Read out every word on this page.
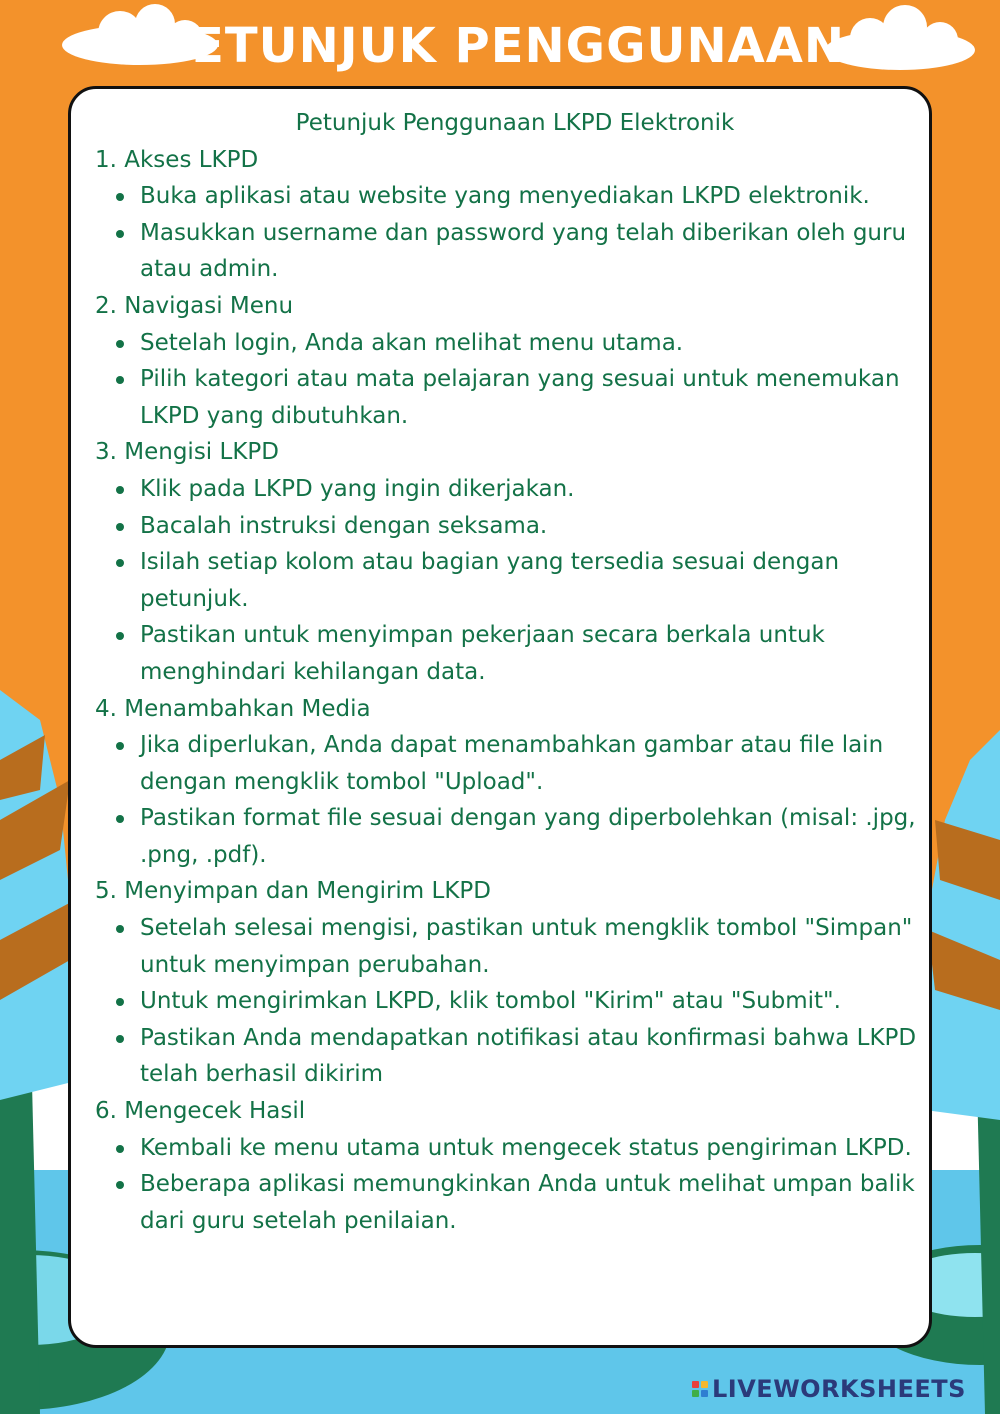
PETUNJUK PENGGUNAAN
Petunjuk Penggunaan LKPD Elektronik
1. Akses LKPD
Buka aplikasi atau website yang menyediakan LKPD elektronik.
Masukkan username dan password yang telah diberikan oleh guru atau admin.
2. Navigasi Menu
Setelah login, Anda akan melihat menu utama.
Pilih kategori atau mata pelajaran yang sesuai untuk menemukan LKPD yang dibutuhkan.
3. Mengisi LKPD
Klik pada LKPD yang ingin dikerjakan.
Bacalah instruksi dengan seksama.
Isilah setiap kolom atau bagian yang tersedia sesuai dengan petunjuk.
Pastikan untuk menyimpan pekerjaan secara berkala untuk menghindari kehilangan data.
4. Menambahkan Media
Jika diperlukan, Anda dapat menambahkan gambar atau file lain dengan mengklik tombol "Upload".
Pastikan format file sesuai dengan yang diperbolehkan (misal: .jpg, .png, .pdf).
5. Menyimpan dan Mengirim LKPD
Setelah selesai mengisi, pastikan untuk mengklik tombol "Simpan" untuk menyimpan perubahan.
Untuk mengirimkan LKPD, klik tombol "Kirim" atau "Submit".
Pastikan Anda mendapatkan notifikasi atau konfirmasi bahwa LKPD telah berhasil dikirim
6. Mengecek Hasil
Kembali ke menu utama untuk mengecek status pengiriman LKPD.
Beberapa aplikasi memungkinkan Anda untuk melihat umpan balik dari guru setelah penilaian.
LIVEWORKSHEETS
